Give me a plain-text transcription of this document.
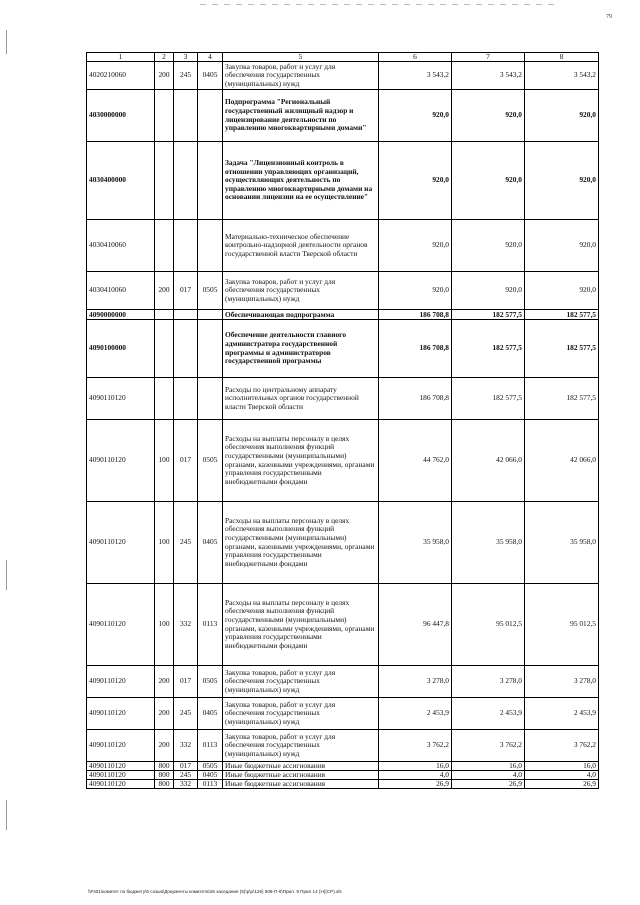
79
1	2	3	4	5	6	7	8
4020210060	200	245	0405	Закупка товаров, работ и услуг для обеспечения государственных (муниципальных) нужд	3 543,2	3 543,2	3 543,2
4030000000				Подпрограмма "Региональный государственный жилищный надзор и лицензирование деятельности по управлению многоквартирными домами"	920,0	920,0	920,0
4030400000				Задача "Лицензионный контроль в отношении управляющих организаций, осуществляющих деятельность по управлению многоквартирными домами на основании лицензии на ее осуществление"	920,0	920,0	920,0
4030410060				Материально-техническое обеспечение контрольно-надзорной деятельности органов государственной власти Тверской области	920,0	920,0	920,0
4030410060	200	017	0505	Закупка товаров, работ и услуг для обеспечения государственных (муниципальных) нужд	920,0	920,0	920,0
4090000000				Обеспечивающая подпрограмма	186 708,8	182 577,5	182 577,5
4090100000				Обеспечение деятельности главного администратора государственной программы и администраторов государственной программы	186 708,8	182 577,5	182 577,5
4090110120				Расходы по центральному аппарату исполнительных органов государственной власти Тверской области	186 708,8	182 577,5	182 577,5
4090110120	100	017	0505	Расходы на выплаты персоналу в целях обеспечения выполнения функций государственными (муниципальными) органами, казенными учреждениями, органами управления государственными внебюджетными фондами	44 762,0	42 066,0	42 066,0
4090110120	100	245	0405	Расходы на выплаты персоналу в целях обеспечения выполнения функций государственными (муниципальными) органами, казенными учреждениями, органами управления государственными внебюджетными фондами	35 958,0	35 958,0	35 958,0
4090110120	100	332	0113	Расходы на выплаты персоналу в целях обеспечения выполнения функций государственными (муниципальными) органами, казенными учреждениями, органами управления государственными внебюджетными фондами	96 447,8	95 012,5	95 012,5
4090110120	200	017	0505	Закупка товаров, работ и услуг для обеспечения государственных (муниципальных) нужд	3 278,0	3 278,0	3 278,0
4090110120	200	245	0405	Закупка товаров, работ и услуг для обеспечения государственных (муниципальных) нужд	2 453,9	2 453,9	2 453,9
4090110120	200	332	0113	Закупка товаров, работ и услуг для обеспечения государственных (муниципальных) нужд	3 762,2	3 762,2	3 762,2
4090110120	800	017	0505	Иные бюджетные ассигнования	16,0	16,0	16,0
4090110120	800	245	0405	Иные бюджетные ассигнования	4,0	4,0	4,0
4090110120	800	332	0113	Иные бюджетные ассигнования	26,9	26,9	26,9
\\Fs01\комитет по бюджету\6 созыв\Документы комитета\26 заседание (5)\р\р\126) 508-П-6\Прил. 9 Прил 14 (Н)(СР).xls
